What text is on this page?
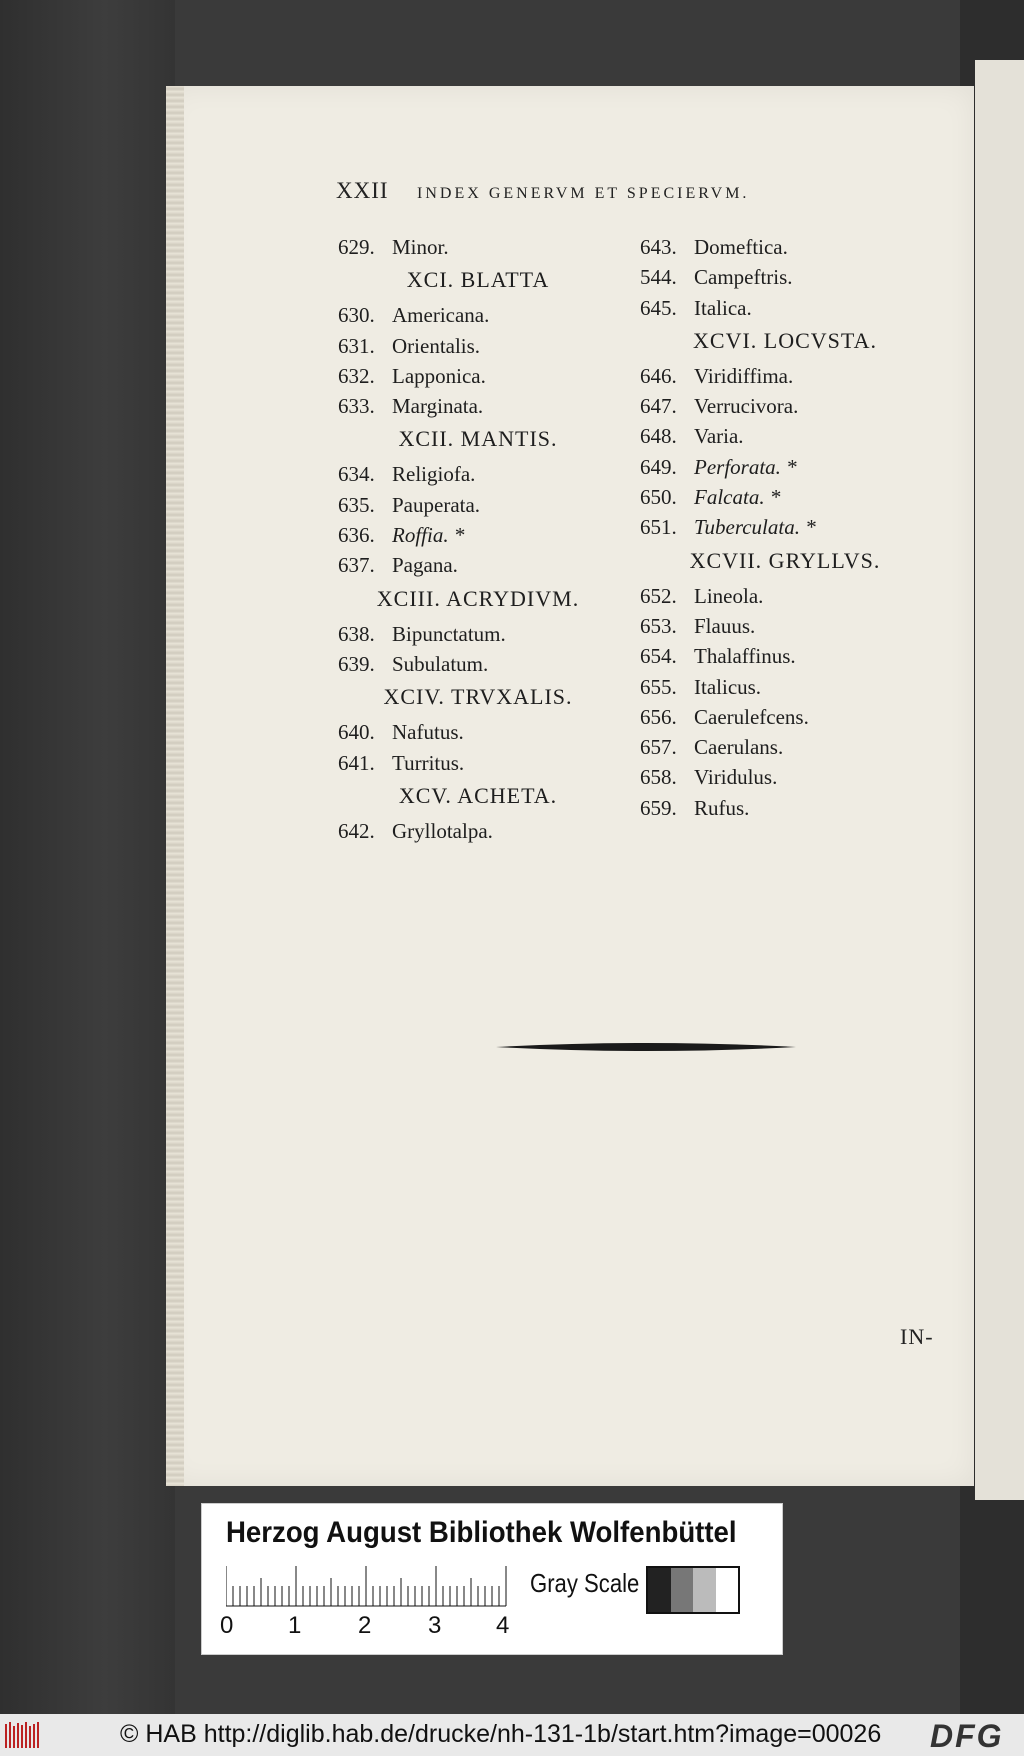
XXII INDEX GENERVM ET SPECIERVM.
629. Minor.
XCI. BLATTA
630. Americana.
631. Orientalis.
632. Lapponica.
633. Marginata.
XCII. MANTIS.
634. Religiofa.
635. Pauperata.
636. Roffia. *
637. Pagana.
XCIII. ACRYDIVM.
638. Bipunctatum.
639. Subulatum.
XCIV. TRVXALIS.
640. Nafutus.
641. Turritus.
XCV. ACHETA.
642. Gryllotalpa.
643. Domeftica.
544. Campeftris.
645. Italica.
XCVI. LOCVSTA.
646. Viridiffima.
647. Verrucivora.
648. Varia.
649. Perforata. *
650. Falcata. *
651. Tuberculata. *
XCVII. GRYLLVS.
652. Lineola.
653. Flauus.
654. Thalaffinus.
655. Italicus.
656. Caerulefcens.
657. Caerulans.
658. Viridulus.
659. Rufus.
IN-
Herzog August Bibliothek Wolfenbüttel
0 1 2 3 4
Gray Scale
© HAB http://diglib.hab.de/drucke/nh-131-1b/start.htm?image=00026 DFG
